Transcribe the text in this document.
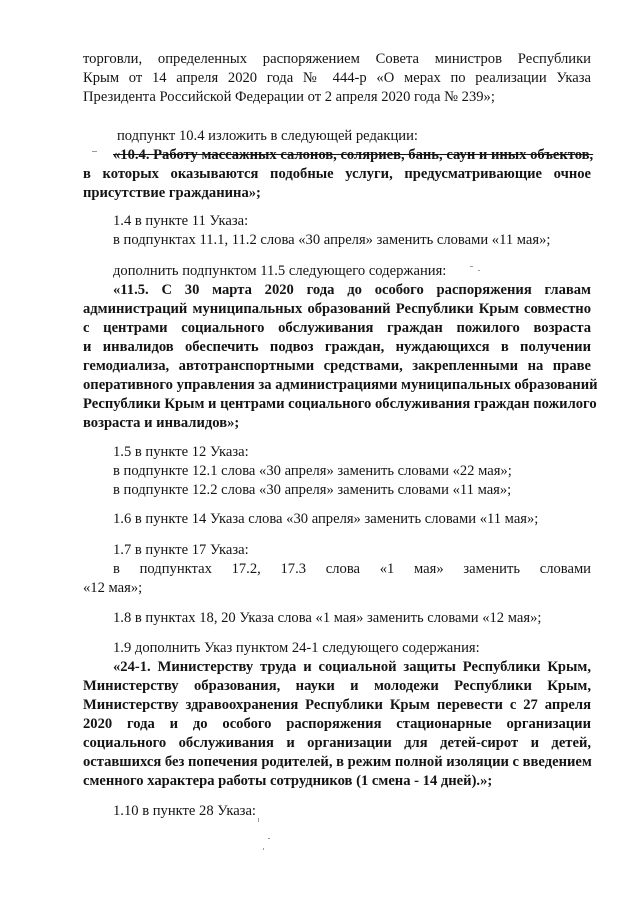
торговли, определенных распоряжением Совета министров Республики

Крым от 14 апреля 2020 года № 444-р «О мерах по реализации Указа

Президента Российской Федерации от 2 апреля 2020 года № 239»;

подпункт 10.4 изложить в следующей редакции:

«10.4. Работу массажных салонов, соляриев, бань, саун и иных объектов,

в которых оказываются подобные услуги, предусматривающие очное

присутствие гражданина»;

1.4 в пункте 11 Указа:

в подпунктах 11.1, 11.2 слова «30 апреля» заменить словами «11 мая»;

дополнить подпунктом 11.5 следующего содержания:

«11.5. С 30 марта 2020 года до особого распоряжения главам

администраций муниципальных образований Республики Крым совместно

с центрами социального обслуживания граждан пожилого возраста

и инвалидов обеспечить подвоз граждан, нуждающихся в получении

гемодиализа, автотранспортными средствами, закрепленными на праве

оперативного управления за администрациями муниципальных образований

Республики Крым и центрами социального обслуживания граждан пожилого

возраста и инвалидов»;

1.5 в пункте 12 Указа:

в подпункте 12.1 слова «30 апреля» заменить словами «22 мая»;

в подпункте 12.2 слова «30 апреля» заменить словами «11 мая»;

1.6 в пункте 14 Указа слова «30 апреля» заменить словами «11 мая»;

1.7 в пункте 17 Указа:

в подпунктах 17.2, 17.3 слова «1 мая» заменить словами

«12 мая»;

1.8 в пунктах 18, 20 Указа слова «1 мая» заменить словами «12 мая»;

1.9 дополнить Указ пунктом 24-1 следующего содержания:

«24-1. Министерству труда и социальной защиты Республики Крым,

Министерству образования, науки и молодежи Республики Крым,

Министерству здравоохранения Республики Крым перевести с 27 апреля

2020 года и до особого распоряжения стационарные организации

социального обслуживания и организации для детей-сирот и детей,

оставшихся без попечения родителей, в режим полной изоляции с введением

сменного характера работы сотрудников (1 смена - 14 дней).»;

1.10 в пункте 28 Указа:
